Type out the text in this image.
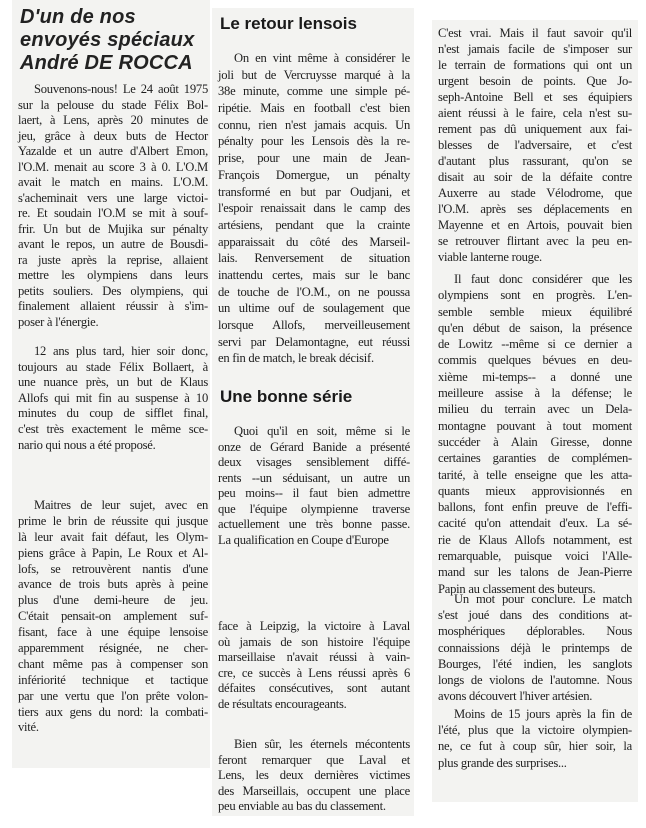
D'un de nos
envoyés spéciaux
André DE ROCCA
Souvenons-nous! Le 24 août 1975
sur la pelouse du stade Félix Bol-
laert, à Lens, après 20 minutes de
jeu, grâce à deux buts de Hector
Yazalde et un autre d'Albert Emon,
l'O.M. menait au score 3 à 0. L'O.M
avait le match en mains. L'O.M.
s'acheminait vers une large victoi-
re. Et soudain l'O.M se mit à souf-
frir. Un but de Mujika sur pénalty
avant le repos, un autre de Bousdi-
ra juste après la reprise, allaient
mettre les olympiens dans leurs
petits souliers. Des olympiens, qui
finalement allaient réussir à s'im-
poser à l'énergie.
12 ans plus tard, hier soir donc,
toujours au stade Félix Bollaert, à
une nuance près, un but de Klaus
Allofs qui mit fin au suspense à 10
minutes du coup de sifflet final,
c'est très exactement le même sce-
nario qui nous a été proposé.
Maitres de leur sujet, avec en
prime le brin de réussite qui jusque
là leur avait fait défaut, les Olym-
piens grâce à Papin, Le Roux et Al-
lofs, se retrouvèrent nantis d'une
avance de trois buts après à peine
plus d'une demi-heure de jeu.
C'était pensait-on amplement suf-
fisant, face à une équipe lensoise
apparemment résignée, ne cher-
chant même pas à compenser son
infériorité technique et tactique
par une vertu que l'on prête volon-
tiers aux gens du nord: la combati-
vité.
Le retour lensois
On en vint même à considérer le
joli but de Vercruysse marqué à la
38e minute, comme une simple pé-
ripétie. Mais en football c'est bien
connu, rien n'est jamais acquis. Un
pénalty pour les Lensois dès la re-
prise, pour une main de Jean-
François Domergue, un pénalty
transformé en but par Oudjani, et
l'espoir renaissait dans le camp des
artésiens, pendant que la crainte
apparaissait du côté des Marseil-
lais. Renversement de situation
inattendu certes, mais sur le banc
de touche de l'O.M., on ne poussa
un ultime ouf de soulagement que
lorsque Allofs, merveilleusement
servi par Delamontagne, eut réussi
en fin de match, le break décisif.
Une bonne série
Quoi qu'il en soit, même si le
onze de Gérard Banide a présenté
deux visages sensiblement diffé-
rents --un séduisant, un autre un
peu moins-- il faut bien admettre
que l'équipe olympienne traverse
actuellement une très bonne passe.
La qualification en Coupe d'Europe
face à Leipzig, la victoire à Laval
où jamais de son histoire l'équipe
marseillaise n'avait réussi à vain-
cre, ce succès à Lens réussi après 6
défaites consécutives, sont autant
de résultats encourageants.
Bien sûr, les éternels mécontents
feront remarquer que Laval et
Lens, les deux dernières victimes
des Marseillais, occupent une place
peu enviable au bas du classement.
C'est vrai. Mais il faut savoir qu'il
n'est jamais facile de s'imposer sur
le terrain de formations qui ont un
urgent besoin de points. Que Jo-
seph-Antoine Bell et ses équipiers
aient réussi à le faire, cela n'est su-
rement pas dû uniquement aux fai-
blesses de l'adversaire, et c'est
d'autant plus rassurant, qu'on se
disait au soir de la défaite contre
Auxerre au stade Vélodrome, que
l'O.M. après ses déplacements en
Mayenne et en Artois, pouvait bien
se retrouver flirtant avec la peu en-
viable lanterne rouge.
Il faut donc considérer que les
olympiens sont en progrès. L'en-
semble semble mieux équilibré
qu'en début de saison, la présence
de Lowitz --même si ce dernier a
commis quelques bévues en deu-
xième mi-temps-- a donné une
meilleure assise à la défense; le
milieu du terrain avec un Dela-
montagne pouvant à tout moment
succéder à Alain Giresse, donne
certaines garanties de complémen-
tarité, à telle enseigne que les atta-
quants mieux approvisionnés en
ballons, font enfin preuve de l'effi-
cacité qu'on attendait d'eux. La sé-
rie de Klaus Allofs notamment, est
remarquable, puisque voici l'Alle-
mand sur les talons de Jean-Pierre
Papin au classement des buteurs.
Un mot pour conclure. Le match
s'est joué dans des conditions at-
mosphériques déplorables. Nous
connaissions déjà le printemps de
Bourges, l'été indien, les sanglots
longs de violons de l'automne. Nous
avons découvert l'hiver artésien.
Moins de 15 jours après la fin de
l'été, plus que la victoire olympien-
ne, ce fut à coup sûr, hier soir, la
plus grande des surprises...
